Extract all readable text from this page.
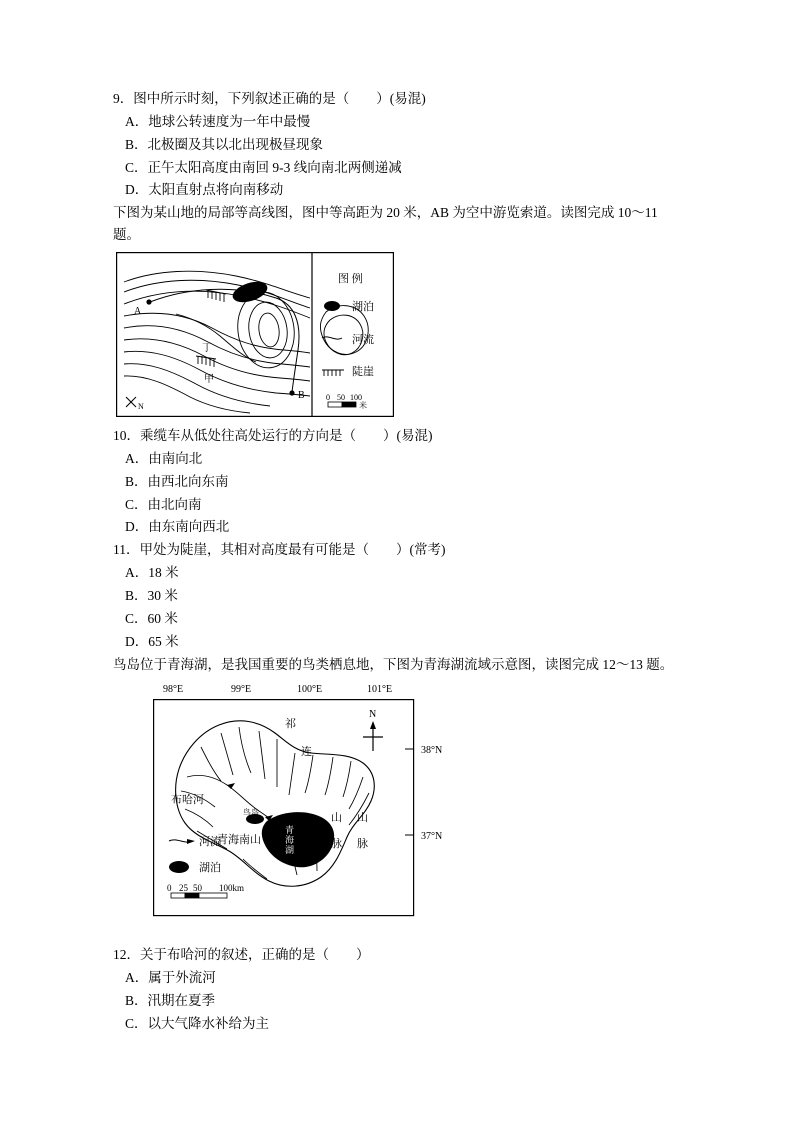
9．图中所示时刻，下列叙述正确的是（　　）(易混)

A．地球公转速度为一年中最慢

B．北极圈及其以北出现极昼现象

C．正午太阳高度由南回 9-3 线向南北两侧递减

D．太阳直射点将向南移动

下图为某山地的局部等高线图，图中等高距为 20 米，AB 为空中游览索道。读图完成 10～11 题。

A
B
丁
甲
N
图 例
湖泊
河流
陡崖
0 50 100
米

10．乘缆车从低处往高处运行的方向是（　　）(易混)

A．由南向北

B．由西北向东南

C．由北向南

D．由东南向西北

11．甲处为陡崖，其相对高度最有可能是（　　）(常考)

A．18 米

B．30 米

C．60 米

D．65 米

鸟岛位于青海湖，是我国重要的鸟类栖息地，下图为青海湖流域示意图，读图完成 12～13 题。

98°E	99°E	100°E	101°E
38°N
37°N
青
海
湖
鸟岛
祁
连
山 山
脉 脉
布哈河
青海南山
N
河流
湖泊
0 25 50 100km

12．关于布哈河的叙述，正确的是（　　）

A．属于外流河

B．汛期在夏季

C．以大气降水补给为主
